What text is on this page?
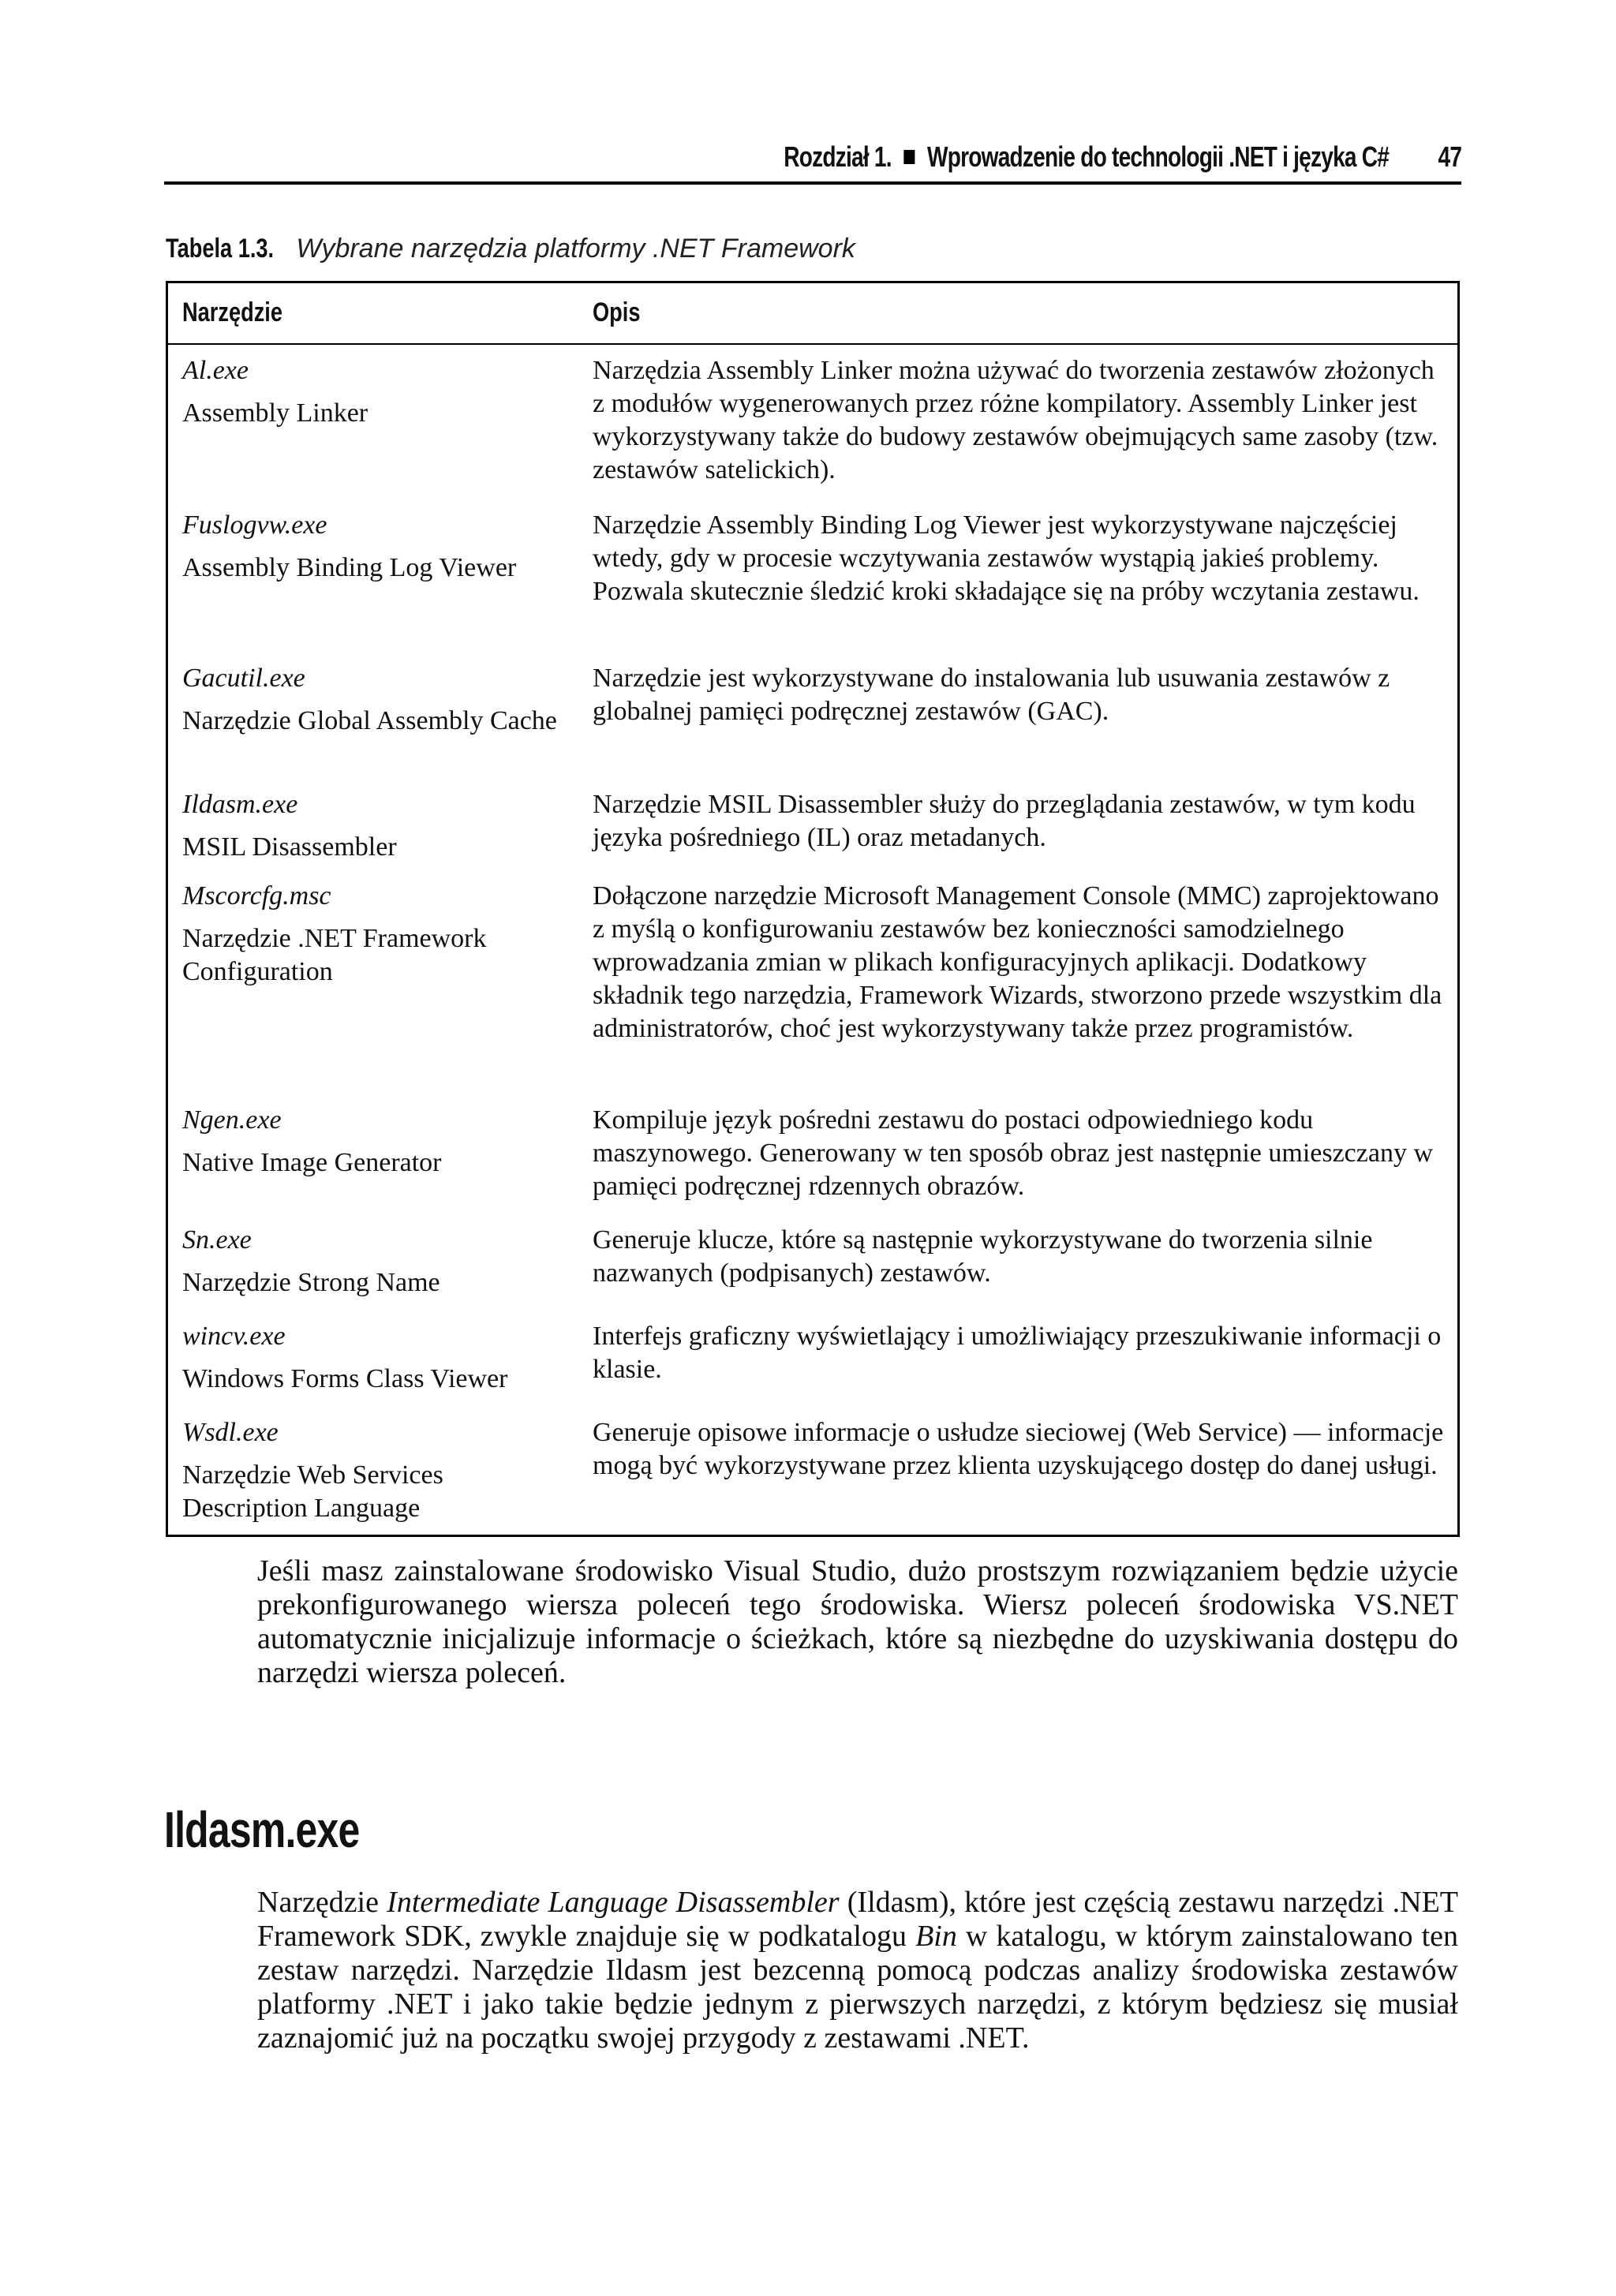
Rozdział 1. Wprowadzenie do technologii .NET i języka C# 47
Tabela 1.3. Wybrane narzędzia platformy .NET Framework
Narzędzie	Opis
Al.exe
Assembly Linker
Narzędzia Assembly Linker można używać do tworzenia zestawów złożonych z modułów wygenerowanych przez różne kompilatory. Assembly Linker jest wykorzystywany także do budowy zestawów obejmujących same zasoby (tzw. zestawów satelickich).
Fuslogvw.exe
Assembly Binding Log Viewer
Narzędzie Assembly Binding Log Viewer jest wykorzystywane najczęściej wtedy, gdy w procesie wczytywania zestawów wystąpią jakieś problemy. Pozwala skutecznie śledzić kroki składające się na próby wczytania zestawu.
Gacutil.exe
Narzędzie Global Assembly Cache
Narzędzie jest wykorzystywane do instalowania lub usuwania zestawów z globalnej pamięci podręcznej zestawów (GAC).
Ildasm.exe
MSIL Disassembler
Narzędzie MSIL Disassembler służy do przeglądania zestawów, w tym kodu języka pośredniego (IL) oraz metadanych.
Mscorcfg.msc
Narzędzie .NET Framework Configuration
Dołączone narzędzie Microsoft Management Console (MMC) zaprojektowano z myślą o konfigurowaniu zestawów bez konieczności samodzielnego wprowadzania zmian w plikach konfiguracyjnych aplikacji. Dodatkowy składnik tego narzędzia, Framework Wizards, stworzono przede wszystkim dla administratorów, choć jest wykorzystywany także przez programistów.
Ngen.exe
Native Image Generator
Kompiluje język pośredni zestawu do postaci odpowiedniego kodu maszynowego. Generowany w ten sposób obraz jest następnie umieszczany w pamięci podręcznej rdzennych obrazów.
Sn.exe
Narzędzie Strong Name
Generuje klucze, które są następnie wykorzystywane do tworzenia silnie nazwanych (podpisanych) zestawów.
wincv.exe
Windows Forms Class Viewer
Interfejs graficzny wyświetlający i umożliwiający przeszukiwanie informacji o klasie.
Wsdl.exe
Narzędzie Web Services Description Language
Generuje opisowe informacje o usłudze sieciowej (Web Service) — informacje mogą być wykorzystywane przez klienta uzyskującego dostęp do danej usługi.

Jeśli masz zainstalowane środowisko Visual Studio, dużo prostszym rozwiązaniem będzie użycie prekonfigurowanego wiersza poleceń tego środowiska. Wiersz poleceń środowiska VS.NET automatycznie inicjalizuje informacje o ścieżkach, które są niezbędne do uzyskiwania dostępu do narzędzi wiersza poleceń.

Ildasm.exe

Narzędzie Intermediate Language Disassembler (Ildasm), które jest częścią zestawu narzędzi .NET Framework SDK, zwykle znajduje się w podkatalogu Bin w katalogu, w którym zainstalowano ten zestaw narzędzi. Narzędzie Ildasm jest bezcenną pomocą podczas analizy środowiska zestawów platformy .NET i jako takie będzie jednym z pierwszych narzędzi, z którym będziesz się musiał zaznajomić już na początku swojej przygody z zestawami .NET.
